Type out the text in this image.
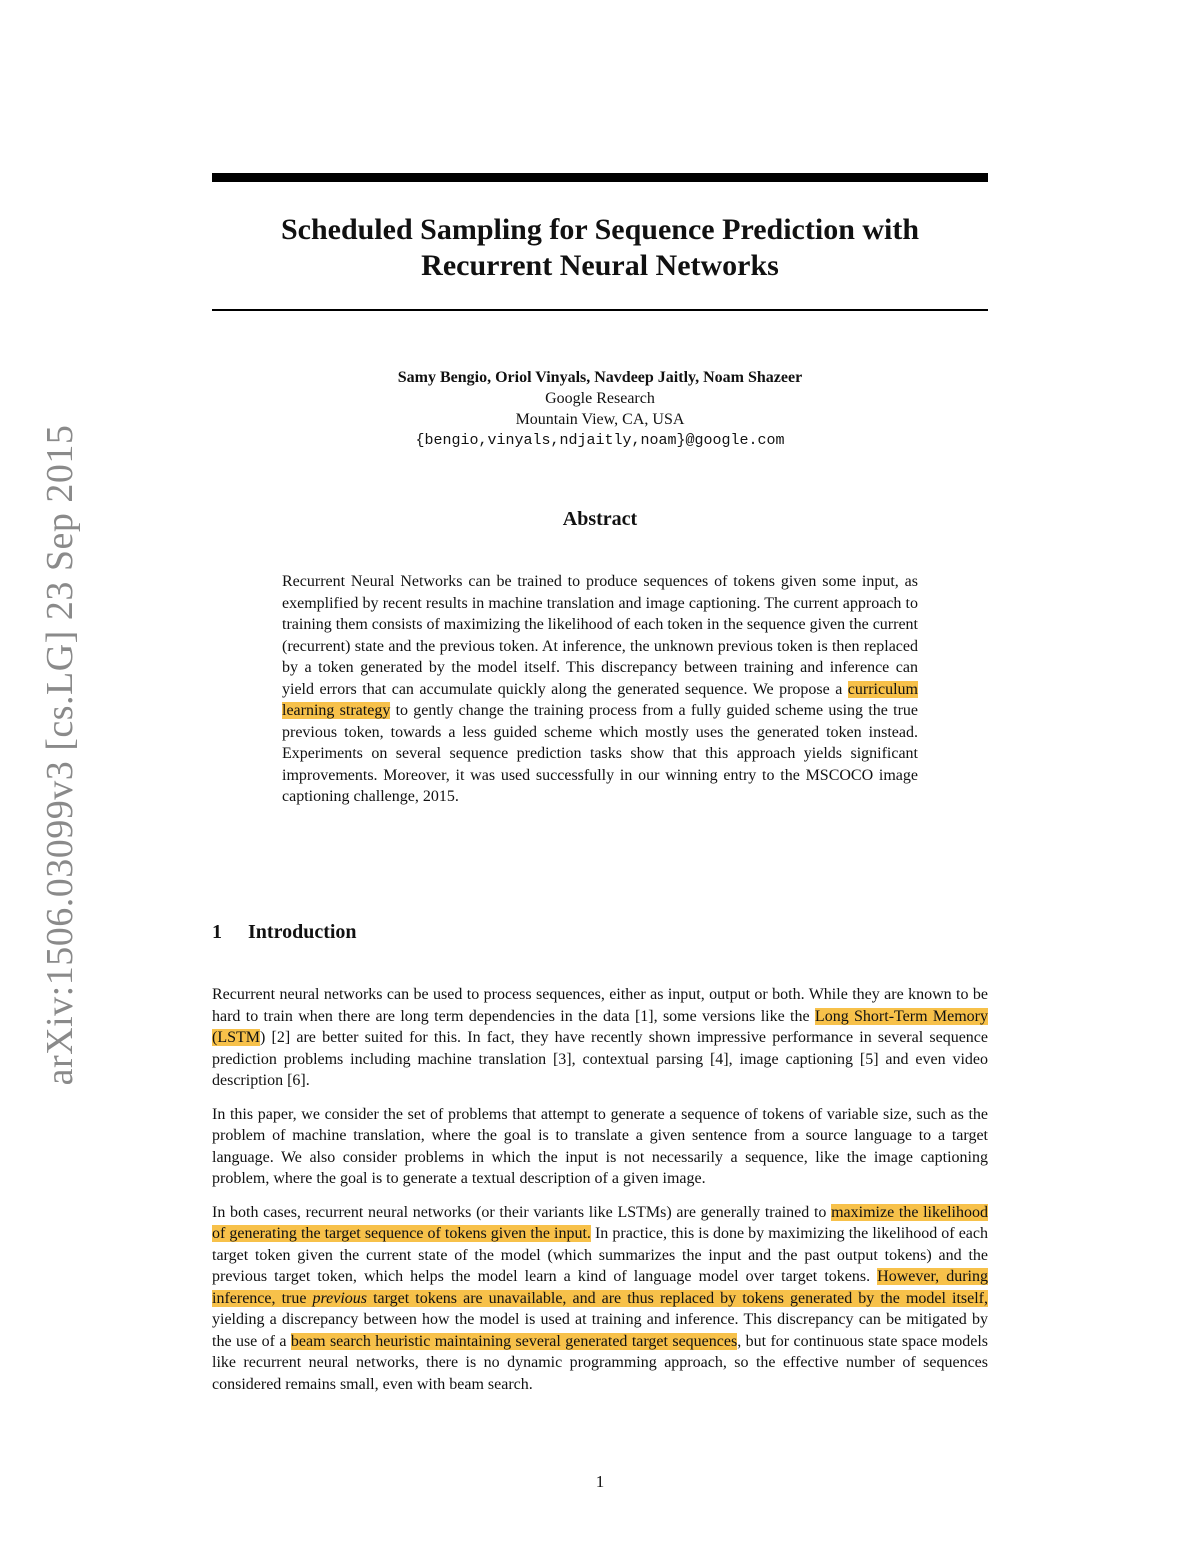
arXiv:1506.03099v3 [cs.LG] 23 Sep 2015
Scheduled Sampling for Sequence Prediction with
Recurrent Neural Networks
Samy Bengio, Oriol Vinyals, Navdeep Jaitly, Noam Shazeer
Google Research
Mountain View, CA, USA
{bengio,vinyals,ndjaitly,noam}@google.com
Abstract
Recurrent Neural Networks can be trained to produce sequences of tokens given some input, as exemplified by recent results in machine translation and image captioning. The current approach to training them consists of maximizing the likelihood of each token in the sequence given the current (recurrent) state and the previous token. At inference, the unknown previous token is then replaced by a token generated by the model itself. This discrepancy between training and inference can yield errors that can accumulate quickly along the generated sequence. We propose a curriculum learning strategy to gently change the training process from a fully guided scheme using the true previous token, towards a less guided scheme which mostly uses the generated token instead. Experiments on several sequence prediction tasks show that this approach yields significant improvements. Moreover, it was used successfully in our winning entry to the MSCOCO image captioning challenge, 2015.
1 Introduction

Recurrent neural networks can be used to process sequences, either as input, output or both. While they are known to be hard to train when there are long term dependencies in the data [1], some versions like the Long Short-Term Memory (LSTM) [2] are better suited for this. In fact, they have recently shown impressive performance in several sequence prediction problems including machine translation [3], contextual parsing [4], image captioning [5] and even video description [6].

In this paper, we consider the set of problems that attempt to generate a sequence of tokens of variable size, such as the problem of machine translation, where the goal is to translate a given sentence from a source language to a target language. We also consider problems in which the input is not necessarily a sequence, like the image captioning problem, where the goal is to generate a textual description of a given image.

In both cases, recurrent neural networks (or their variants like LSTMs) are generally trained to maximize the likelihood of generating the target sequence of tokens given the input. In practice, this is done by maximizing the likelihood of each target token given the current state of the model (which summarizes the input and the past output tokens) and the previous target token, which helps the model learn a kind of language model over target tokens. However, during inference, true previous target tokens are unavailable, and are thus replaced by tokens generated by the model itself, yielding a discrepancy between how the model is used at training and inference. This discrepancy can be mitigated by the use of a beam search heuristic maintaining several generated target sequences, but for continuous state space models like recurrent neural networks, there is no dynamic programming approach, so the effective number of sequences considered remains small, even with beam search.

1
